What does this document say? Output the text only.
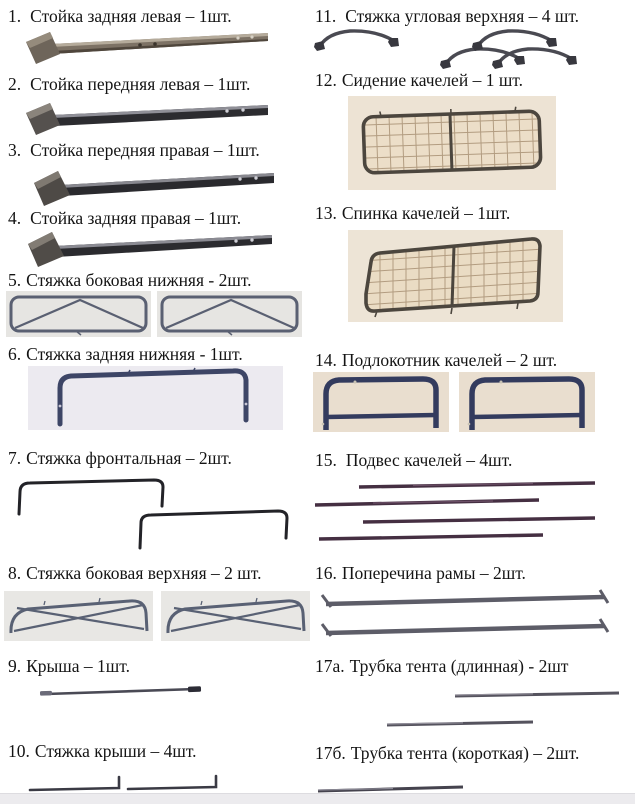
1. Стойка задняя левая – 1шт.
2. Стойка передняя левая – 1шт.
3. Стойка передняя правая – 1шт.
4. Стойка задняя правая – 1шт.
5. Стяжка боковая нижняя - 2шт.
6. Стяжка задняя нижняя - 1шт.
7. Стяжка фронтальная – 2шт.
8. Стяжка боковая верхняя – 2 шт.
9. Крыша – 1шт.
10. Стяжка крыши – 4шт.
11. Стяжка угловая верхняя – 4 шт.
12. Сидение качелей – 1 шт.
13. Спинка качелей – 1шт.
14. Подлокотник качелей – 2 шт.
15. Подвес качелей – 4шт.
16. Поперечина рамы – 2шт.
17а. Трубка тента (длинная) - 2шт
17б. Трубка тента (короткая) – 2шт.
